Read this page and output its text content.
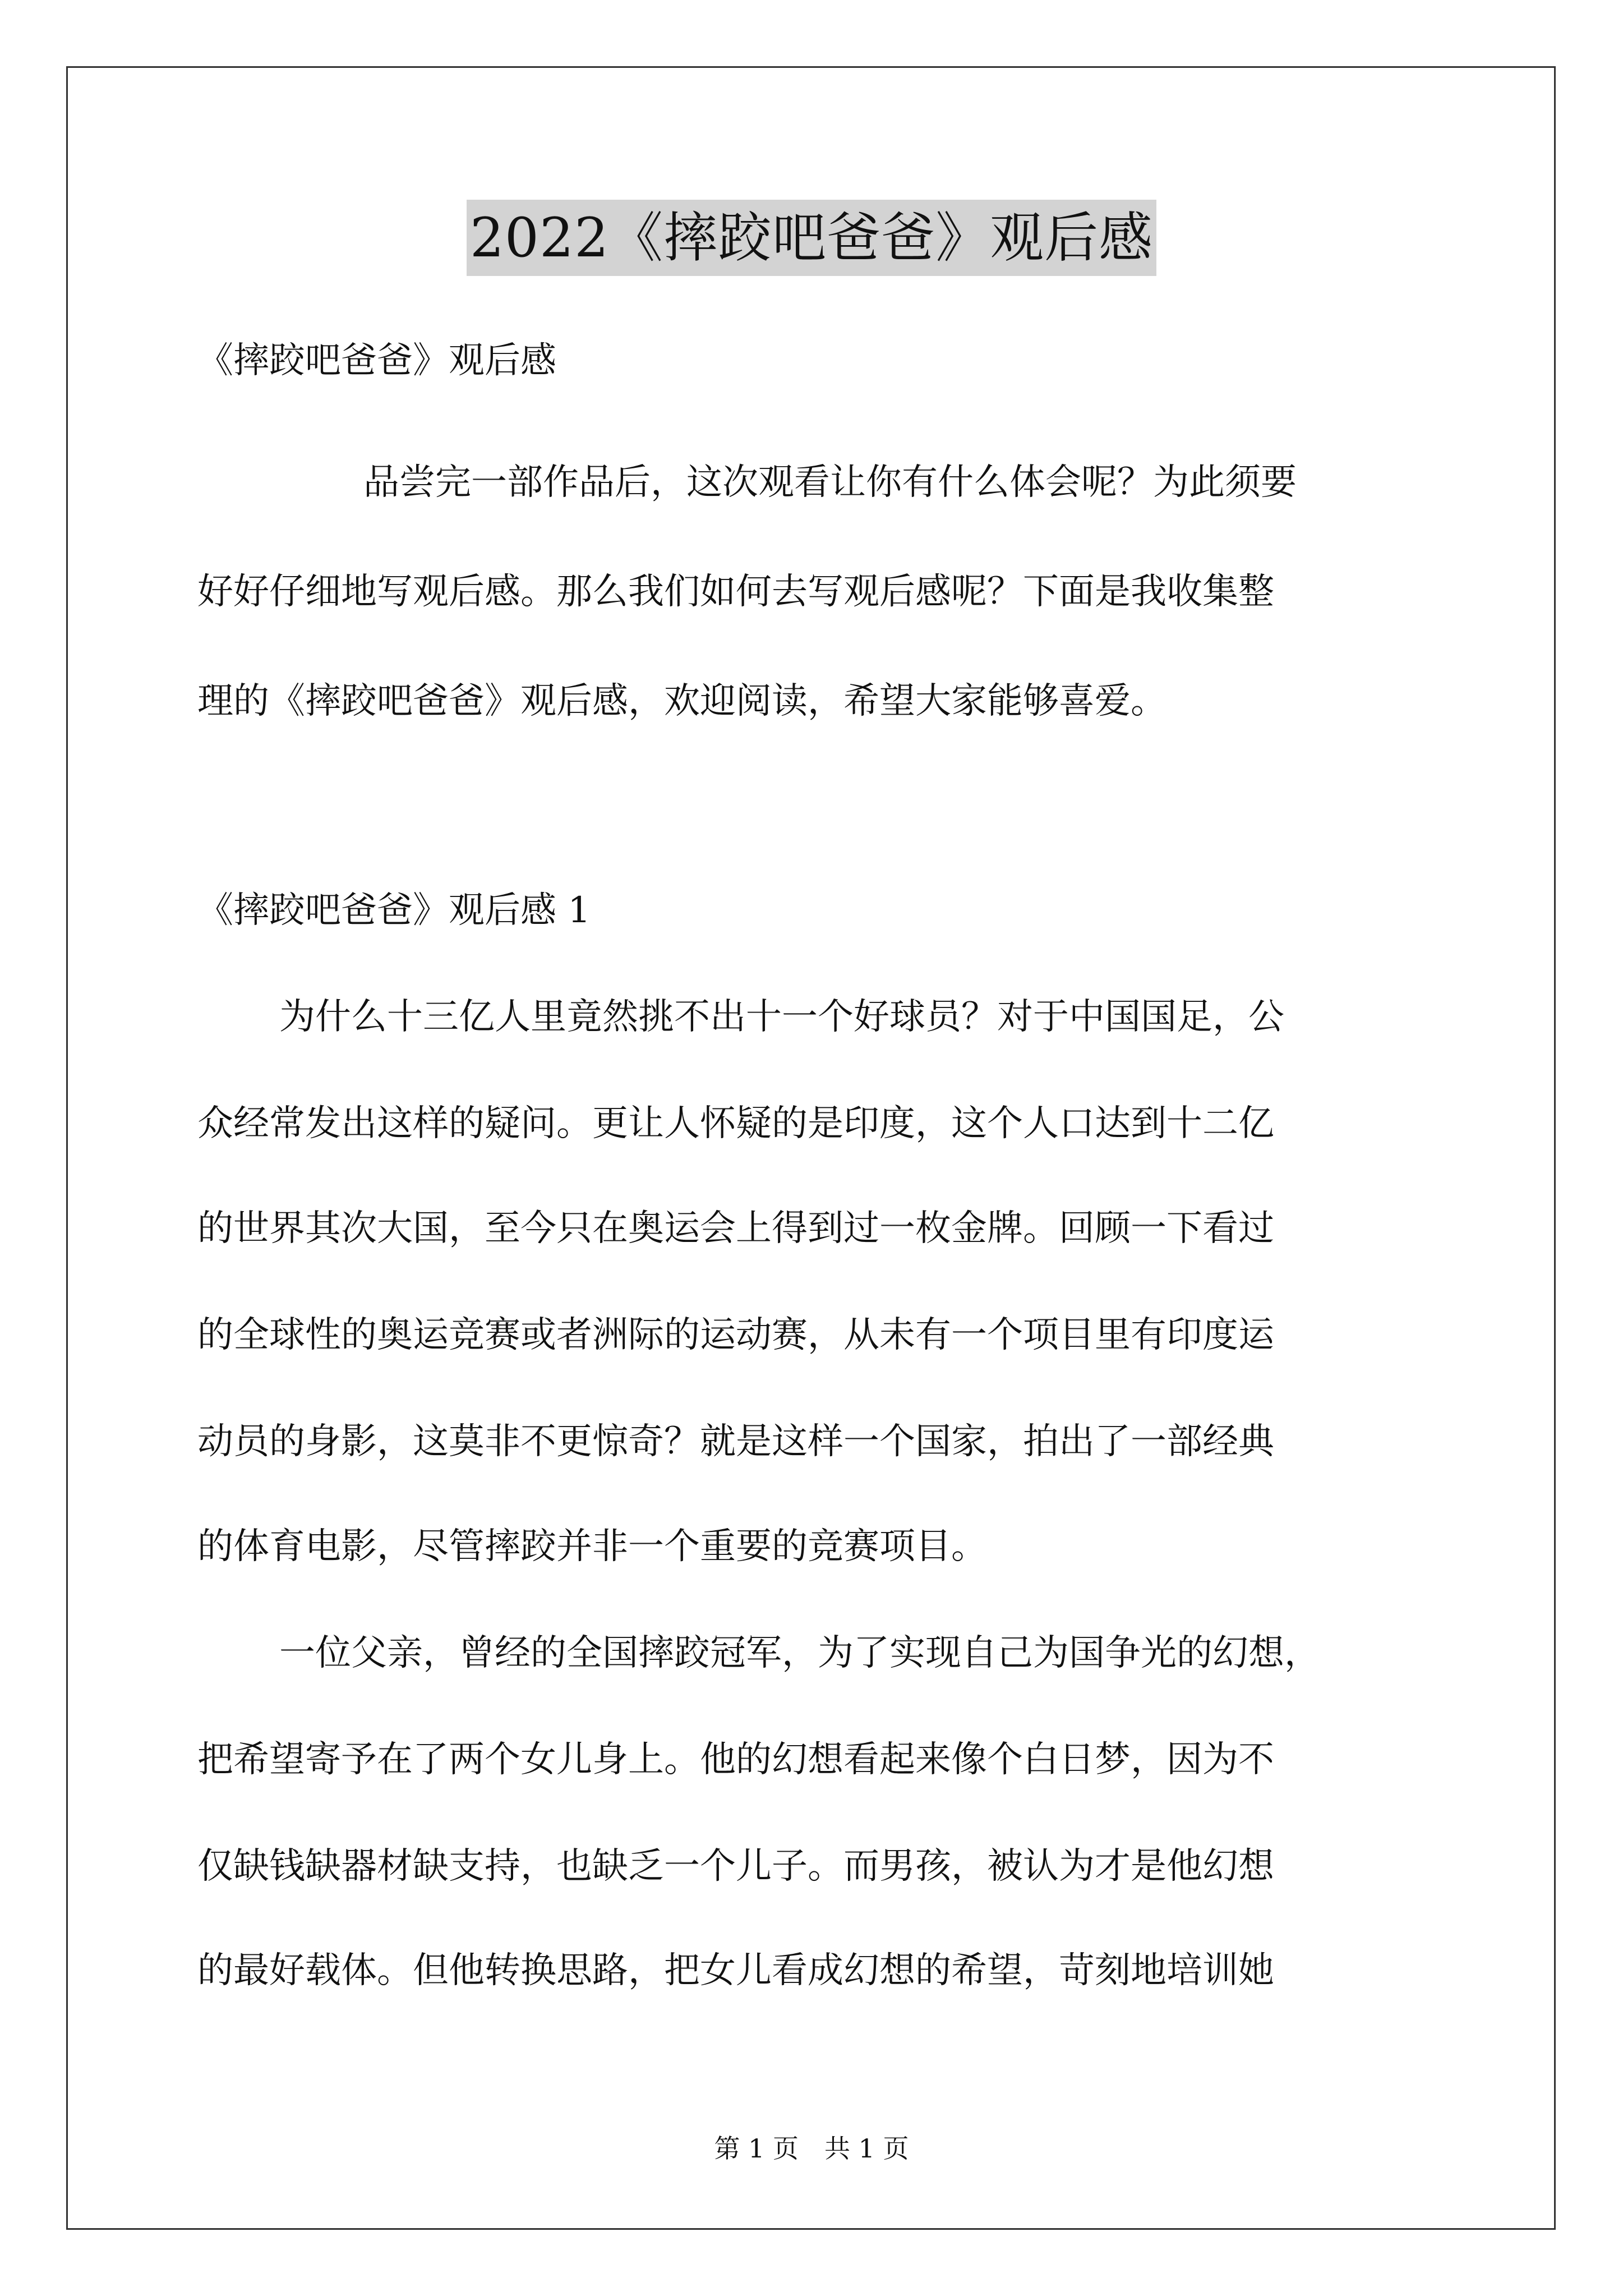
2022《摔跤吧爸爸》观后感

《摔跤吧爸爸》观后感

品尝完一部作品后，这次观看让你有什么体会呢？为此须要

好好仔细地写观后感。那么我们如何去写观后感呢？下面是我收集整

理的《摔跤吧爸爸》观后感，欢迎阅读，希望大家能够喜爱。

《摔跤吧爸爸》观后感 1

为什么十三亿人里竟然挑不出十一个好球员？对于中国国足，公

众经常发出这样的疑问。更让人怀疑的是印度，这个人口达到十二亿

的世界其次大国，至今只在奥运会上得到过一枚金牌。回顾一下看过

的全球性的奥运竞赛或者洲际的运动赛，从未有一个项目里有印度运

动员的身影，这莫非不更惊奇？就是这样一个国家，拍出了一部经典

的体育电影，尽管摔跤并非一个重要的竞赛项目。

一位父亲，曾经的全国摔跤冠军，为了实现自己为国争光的幻想，

把希望寄予在了两个女儿身上。他的幻想看起来像个白日梦，因为不

仅缺钱缺器材缺支持，也缺乏一个儿子。而男孩，被认为才是他幻想

的最好载体。但他转换思路，把女儿看成幻想的希望，苛刻地培训她

第 1 页　共 1 页
